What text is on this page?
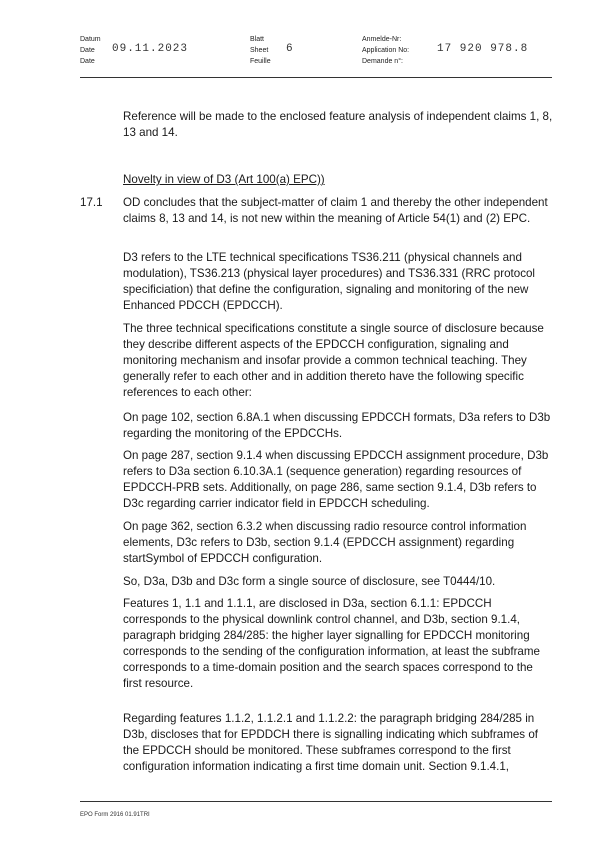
Datum
Date
Date
09.11.2023
Blatt
Sheet
Feuille
6
Anmelde-Nr:
Application No:
Demande n°:
17 920 978.8

Reference will be made to the enclosed feature analysis of independent claims 1, 8, 13 and 14.

Novelty in view of D3 (Art 100(a) EPC))

17.1 OD concludes that the subject-matter of claim 1 and thereby the other independent claims 8, 13 and 14, is not new within the meaning of Article 54(1) and (2) EPC.

D3 refers to the LTE technical specifications TS36.211 (physical channels and modulation), TS36.213 (physical layer procedures) and TS36.331 (RRC protocol specificiation) that define the configuration, signaling and monitoring of the new Enhanced PDCCH (EPDCCH).

The three technical specifications constitute a single source of disclosure because they describe different aspects of the EPDCCH configuration, signaling and monitoring mechanism and insofar provide a common technical teaching. They generally refer to each other and in addition thereto have the following specific references to each other:

On page 102, section 6.8A.1 when discussing EPDCCH formats, D3a refers to D3b regarding the monitoring of the EPDCCHs.

On page 287, section 9.1.4 when discussing EPDCCH assignment procedure, D3b refers to D3a section 6.10.3A.1 (sequence generation) regarding resources of EPDCCH-PRB sets. Additionally, on page 286, same section 9.1.4, D3b refers to D3c regarding carrier indicator field in EPDCCH scheduling.

On page 362, section 6.3.2 when discussing radio resource control information elements, D3c refers to D3b, section 9.1.4 (EPDCCH assignment) regarding startSymbol of EPDCCH configuration.

So, D3a, D3b and D3c form a single source of disclosure, see T0444/10.

Features 1, 1.1 and 1.1.1, are disclosed in D3a, section 6.1.1: EPDCCH corresponds to the physical downlink control channel, and D3b, section 9.1.4, paragraph bridging 284/285: the higher layer signalling for EPDCCH monitoring corresponds to the sending of the configuration information, at least the subframe corresponds to a time-domain position and the search spaces correspond to the first resource.

Regarding features 1.1.2, 1.1.2.1 and 1.1.2.2: the paragraph bridging 284/285 in D3b, discloses that for EPDDCH there is signalling indicating which subframes of the EPDCCH should be monitored. These subframes correspond to the first configuration information indicating a first time domain unit. Section 9.1.4.1,

EPO Form 2916 01.91TRI
